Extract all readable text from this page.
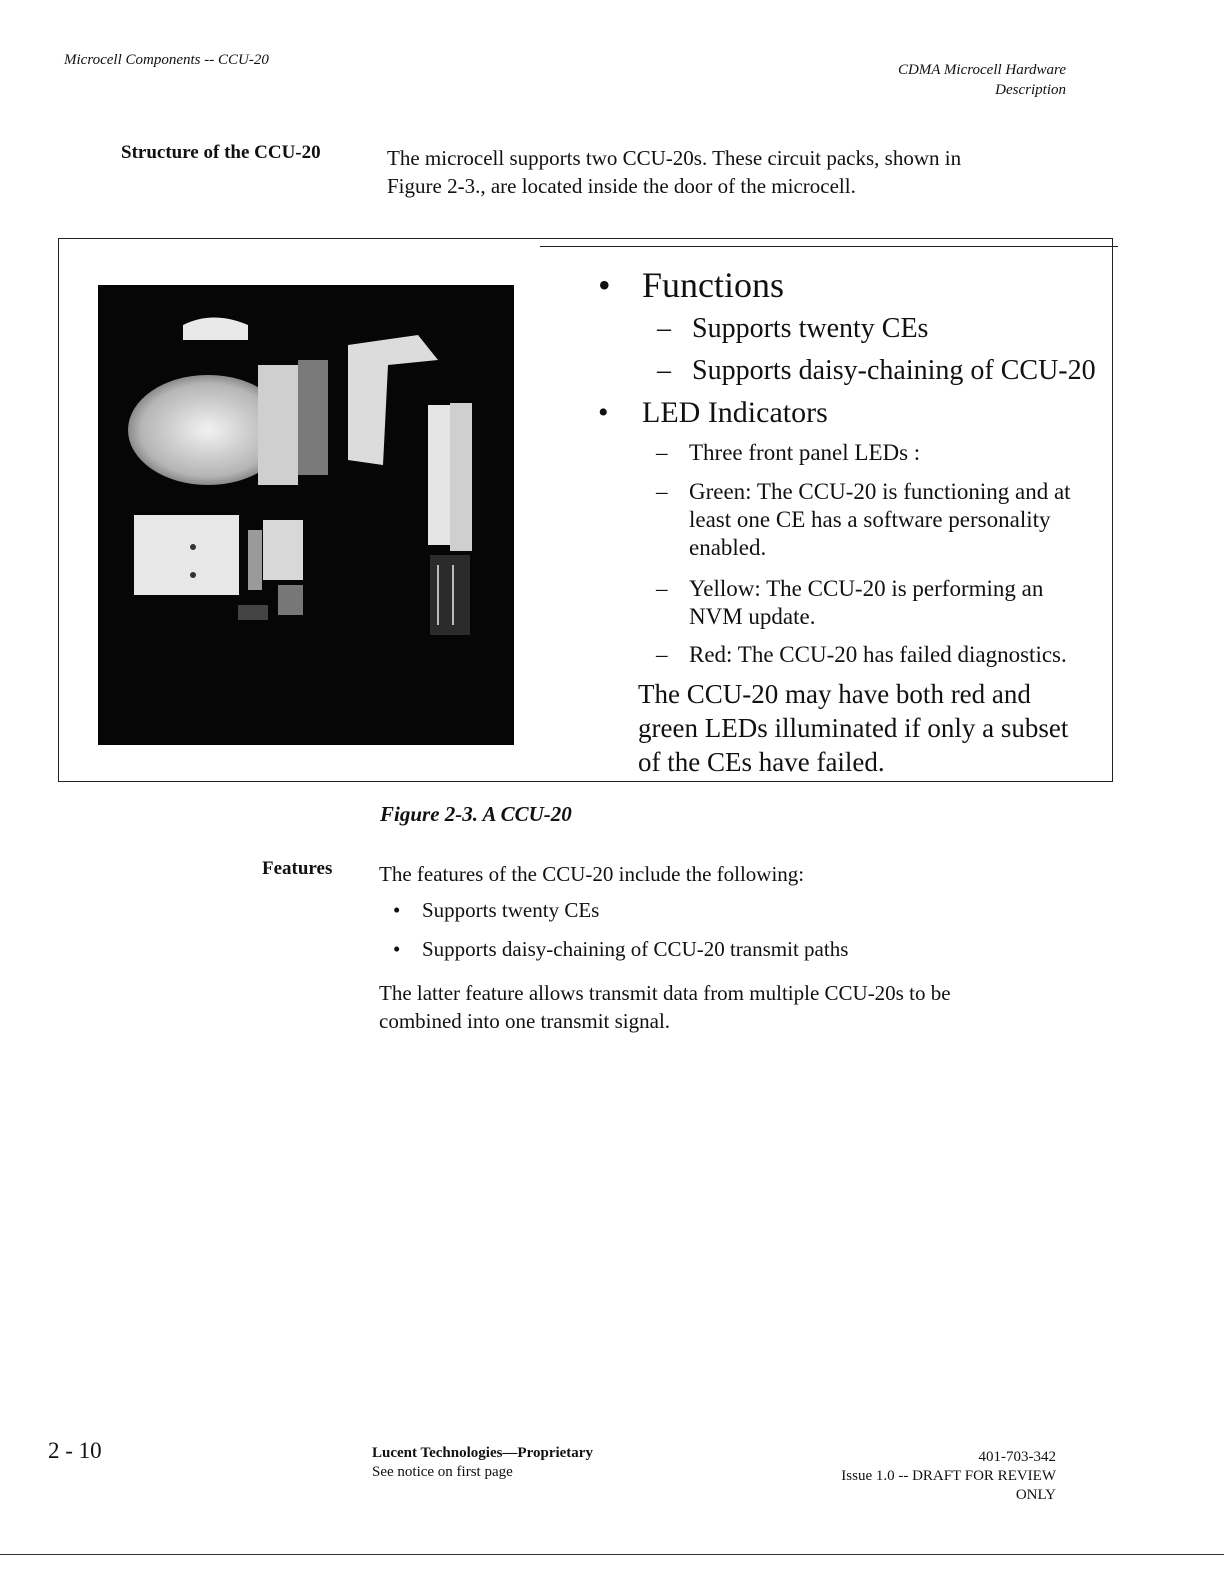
Microcell Components -- CCU-20
CDMA Microcell Hardware
Description
Structure of the CCU-20	The microcell supports two CCU-20s. These circuit packs, shown in
Figure 2-3., are located inside the door of the microcell.
• Functions
– Supports twenty CEs
– Supports daisy-chaining of CCU-20
• LED Indicators
– Three front panel LEDs :
– Green: The CCU-20 is functioning and at
least one CE has a software personality
enabled.
– Yellow: The CCU-20 is performing an
NVM update.
– Red: The CCU-20 has failed diagnostics.
The CCU-20 may have both red and
green LEDs illuminated if only a subset
of the CEs have failed.
Figure 2-3. A CCU-20
Features The features of the CCU-20 include the following:
• Supports twenty CEs
• Supports daisy-chaining of CCU-20 transmit paths
The latter feature allows transmit data from multiple CCU-20s to be
combined into one transmit signal.
2 - 10	Lucent Technologies—Proprietary
See notice on first page
401-703-342
Issue 1.0 -- DRAFT FOR REVIEW
ONLY
